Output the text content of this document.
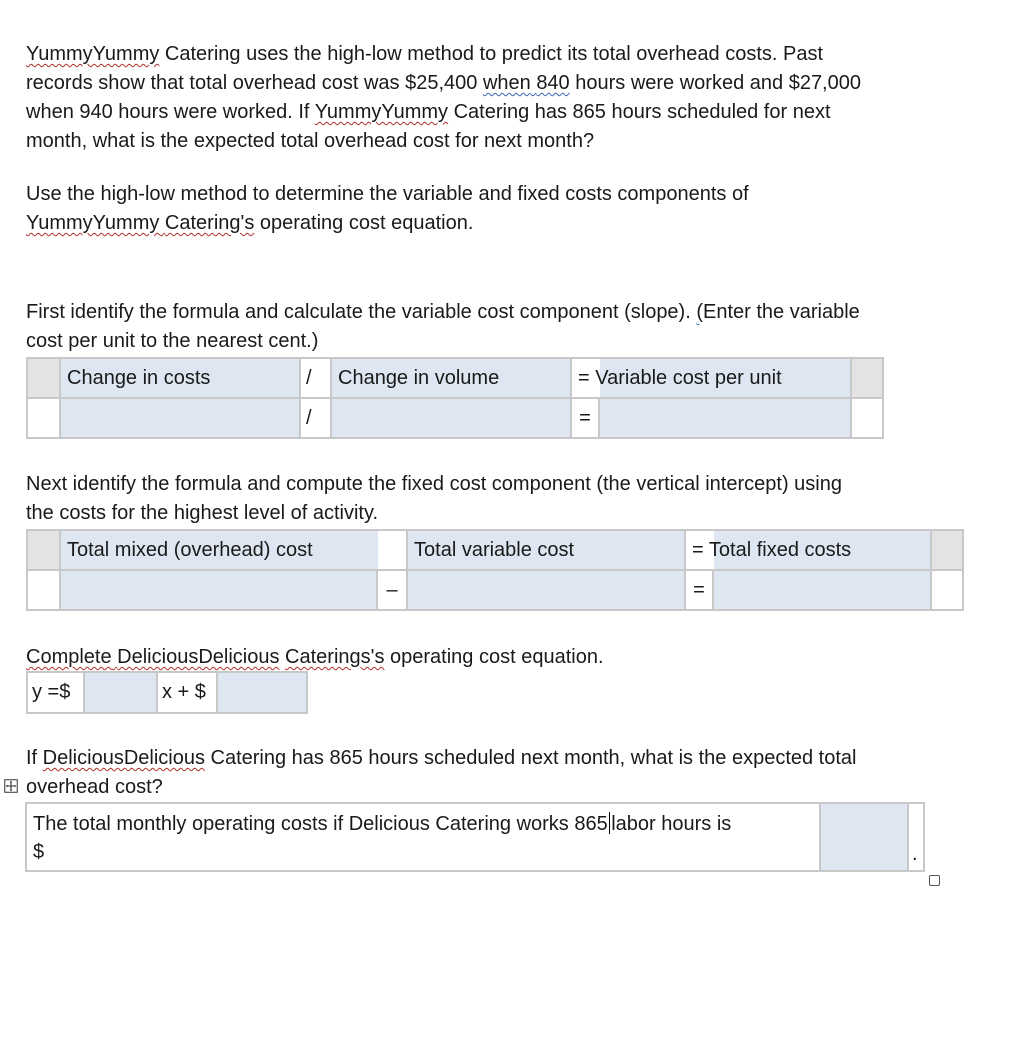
YummyYummy Catering uses the high-low method to predict its total overhead costs. Past
records show that total overhead cost was $25,400 when 840 hours were worked and $27,000
when 940 hours were worked. If YummyYummy Catering has 865 hours scheduled for next
month, what is the expected total overhead cost for next month?

Use the high-low method to determine the variable and fixed costs components of
YummyYummy Catering's operating cost equation.

First identify the formula and calculate the variable cost component (slope). (Enter the variable
cost per unit to the nearest cent.)

	Change in costs	/	Change in volume	= Variable cost per unit		
		/		=		

Next identify the formula and compute the fixed cost component (the vertical intercept) using
the costs for the highest level of activity.

	Total mixed (overhead) cost		Total variable cost	= Total fixed costs		
		–		=		

Complete DeliciousDelicious Caterings's operating cost equation.

y =$		x + $	

If DeliciousDelicious Catering has 865 hours scheduled next month, what is the expected total
overhead cost?

The total monthly operating costs if Delicious Catering works 865 labor hours is
$		.
